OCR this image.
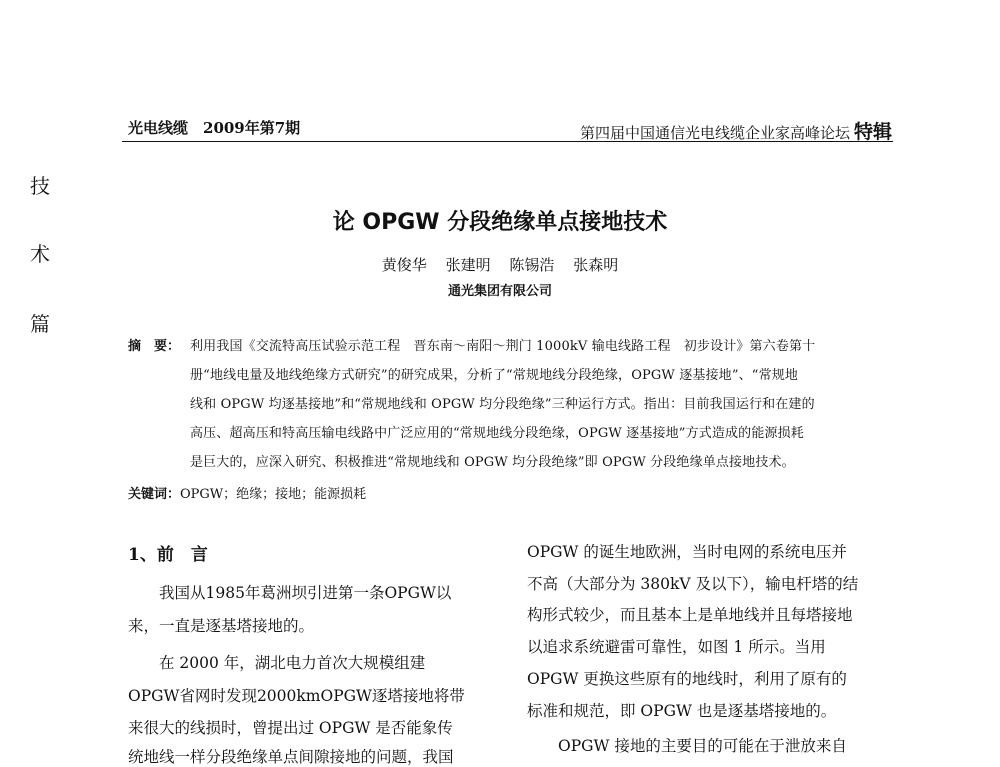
技
术
篇
光电线缆　2009年第7期	第四届中国通信光电线缆企业家高峰论坛 特辑
论 OPGW 分段绝缘单点接地技术
黄俊华 张建明 陈锡浩 张森明
通光集团有限公司
摘　要： 利用我国《交流特高压试验示范工程　晋东南～南阳～荆门 1000kV 输电线路工程　初步设计》第六卷第十
册“地线电量及地线绝缘方式研究”的研究成果，分析了“常规地线分段绝缘，OPGW 逐基接地”、“常规地
线和 OPGW 均逐基接地”和“常规地线和 OPGW 均分段绝缘”三种运行方式。指出：目前我国运行和在建的
高压、超高压和特高压输电线路中广泛应用的“常规地线分段绝缘，OPGW 逐基接地”方式造成的能源损耗
是巨大的，应深入研究、积极推进“常规地线和 OPGW 均分段绝缘”即 OPGW 分段绝缘单点接地技术。
关键词：OPGW；绝缘；接地；能源损耗
1、前　言
　　我国从1985年葛洲坝引进第一条OPGW以
来，一直是逐基塔接地的。
　　在 2000 年，湖北电力首次大规模组建
OPGW省网时发现2000kmOPGW逐塔接地将带
来很大的线损时，曾提出过 OPGW 是否能象传
统地线一样分段绝缘单点间隙接地的问题，我国
OPGW 的诞生地欧洲，当时电网的系统电压并
不高（大部分为 380kV 及以下），输电杆塔的结
构形式较少，而且基本上是单地线并且每塔接地
以追求系统避雷可靠性，如图 1 所示。当用
OPGW 更换这些原有的地线时，利用了原有的
标准和规范，即 OPGW 也是逐基塔接地的。
　　OPGW 接地的主要目的可能在于泄放来自
